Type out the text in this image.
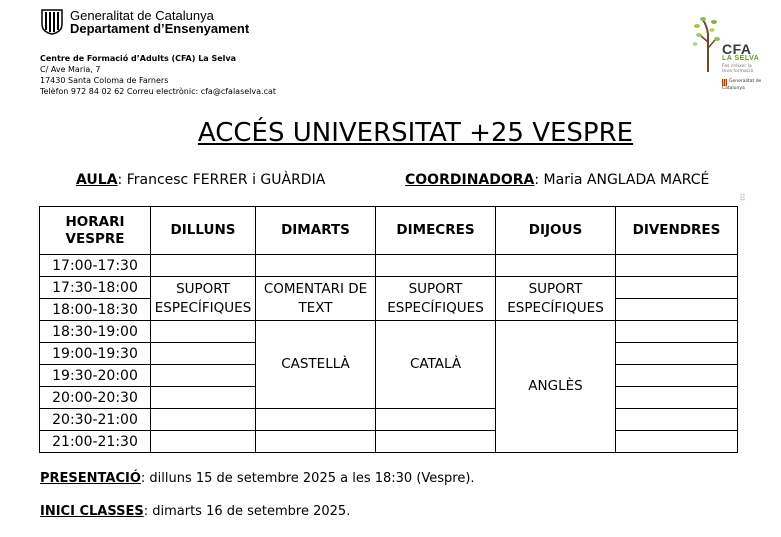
Generalitat de Catalunya
Departament d’Ensenyament
Centre de Formació d’Adults (CFA) La Selva
C/ Ave Maria, 7
17430 Santa Coloma de Farners
Telèfon 972 84 02 62 Correu electrònic: cfa@cfalaselva.cat
CFA
LA SELVA
Fes créixer la teva formació
Generalitat de Catalunya
ACCÉS UNIVERSITAT +25 VESPRE
AULA: Francesc FERRER i GUÀRDIA	COORDINADORA: Maria ANGLADA MARCÉ
⠿
HORARI VESPRE	DILLUNS	DIMARTS	DIMECRES	DIJOUS	DIVENDRES
17:00-17:30					
17:30-18:00	SUPORT ESPECÍFIQUES	COMENTARI DE TEXT	SUPORT ESPECÍFIQUES	SUPORT ESPECÍFIQUES	
18:00-18:30					
18:30-19:00		CASTELLÀ	CATALÀ	ANGLÈS	
19:00-19:30					
19:30-20:00					
20:00-20:30					
20:30-21:00					
21:00-21:30					
PRESENTACIÓ: dilluns 15 de setembre 2025 a les 18:30 (Vespre).
INICI CLASSES: dimarts 16 de setembre 2025.
